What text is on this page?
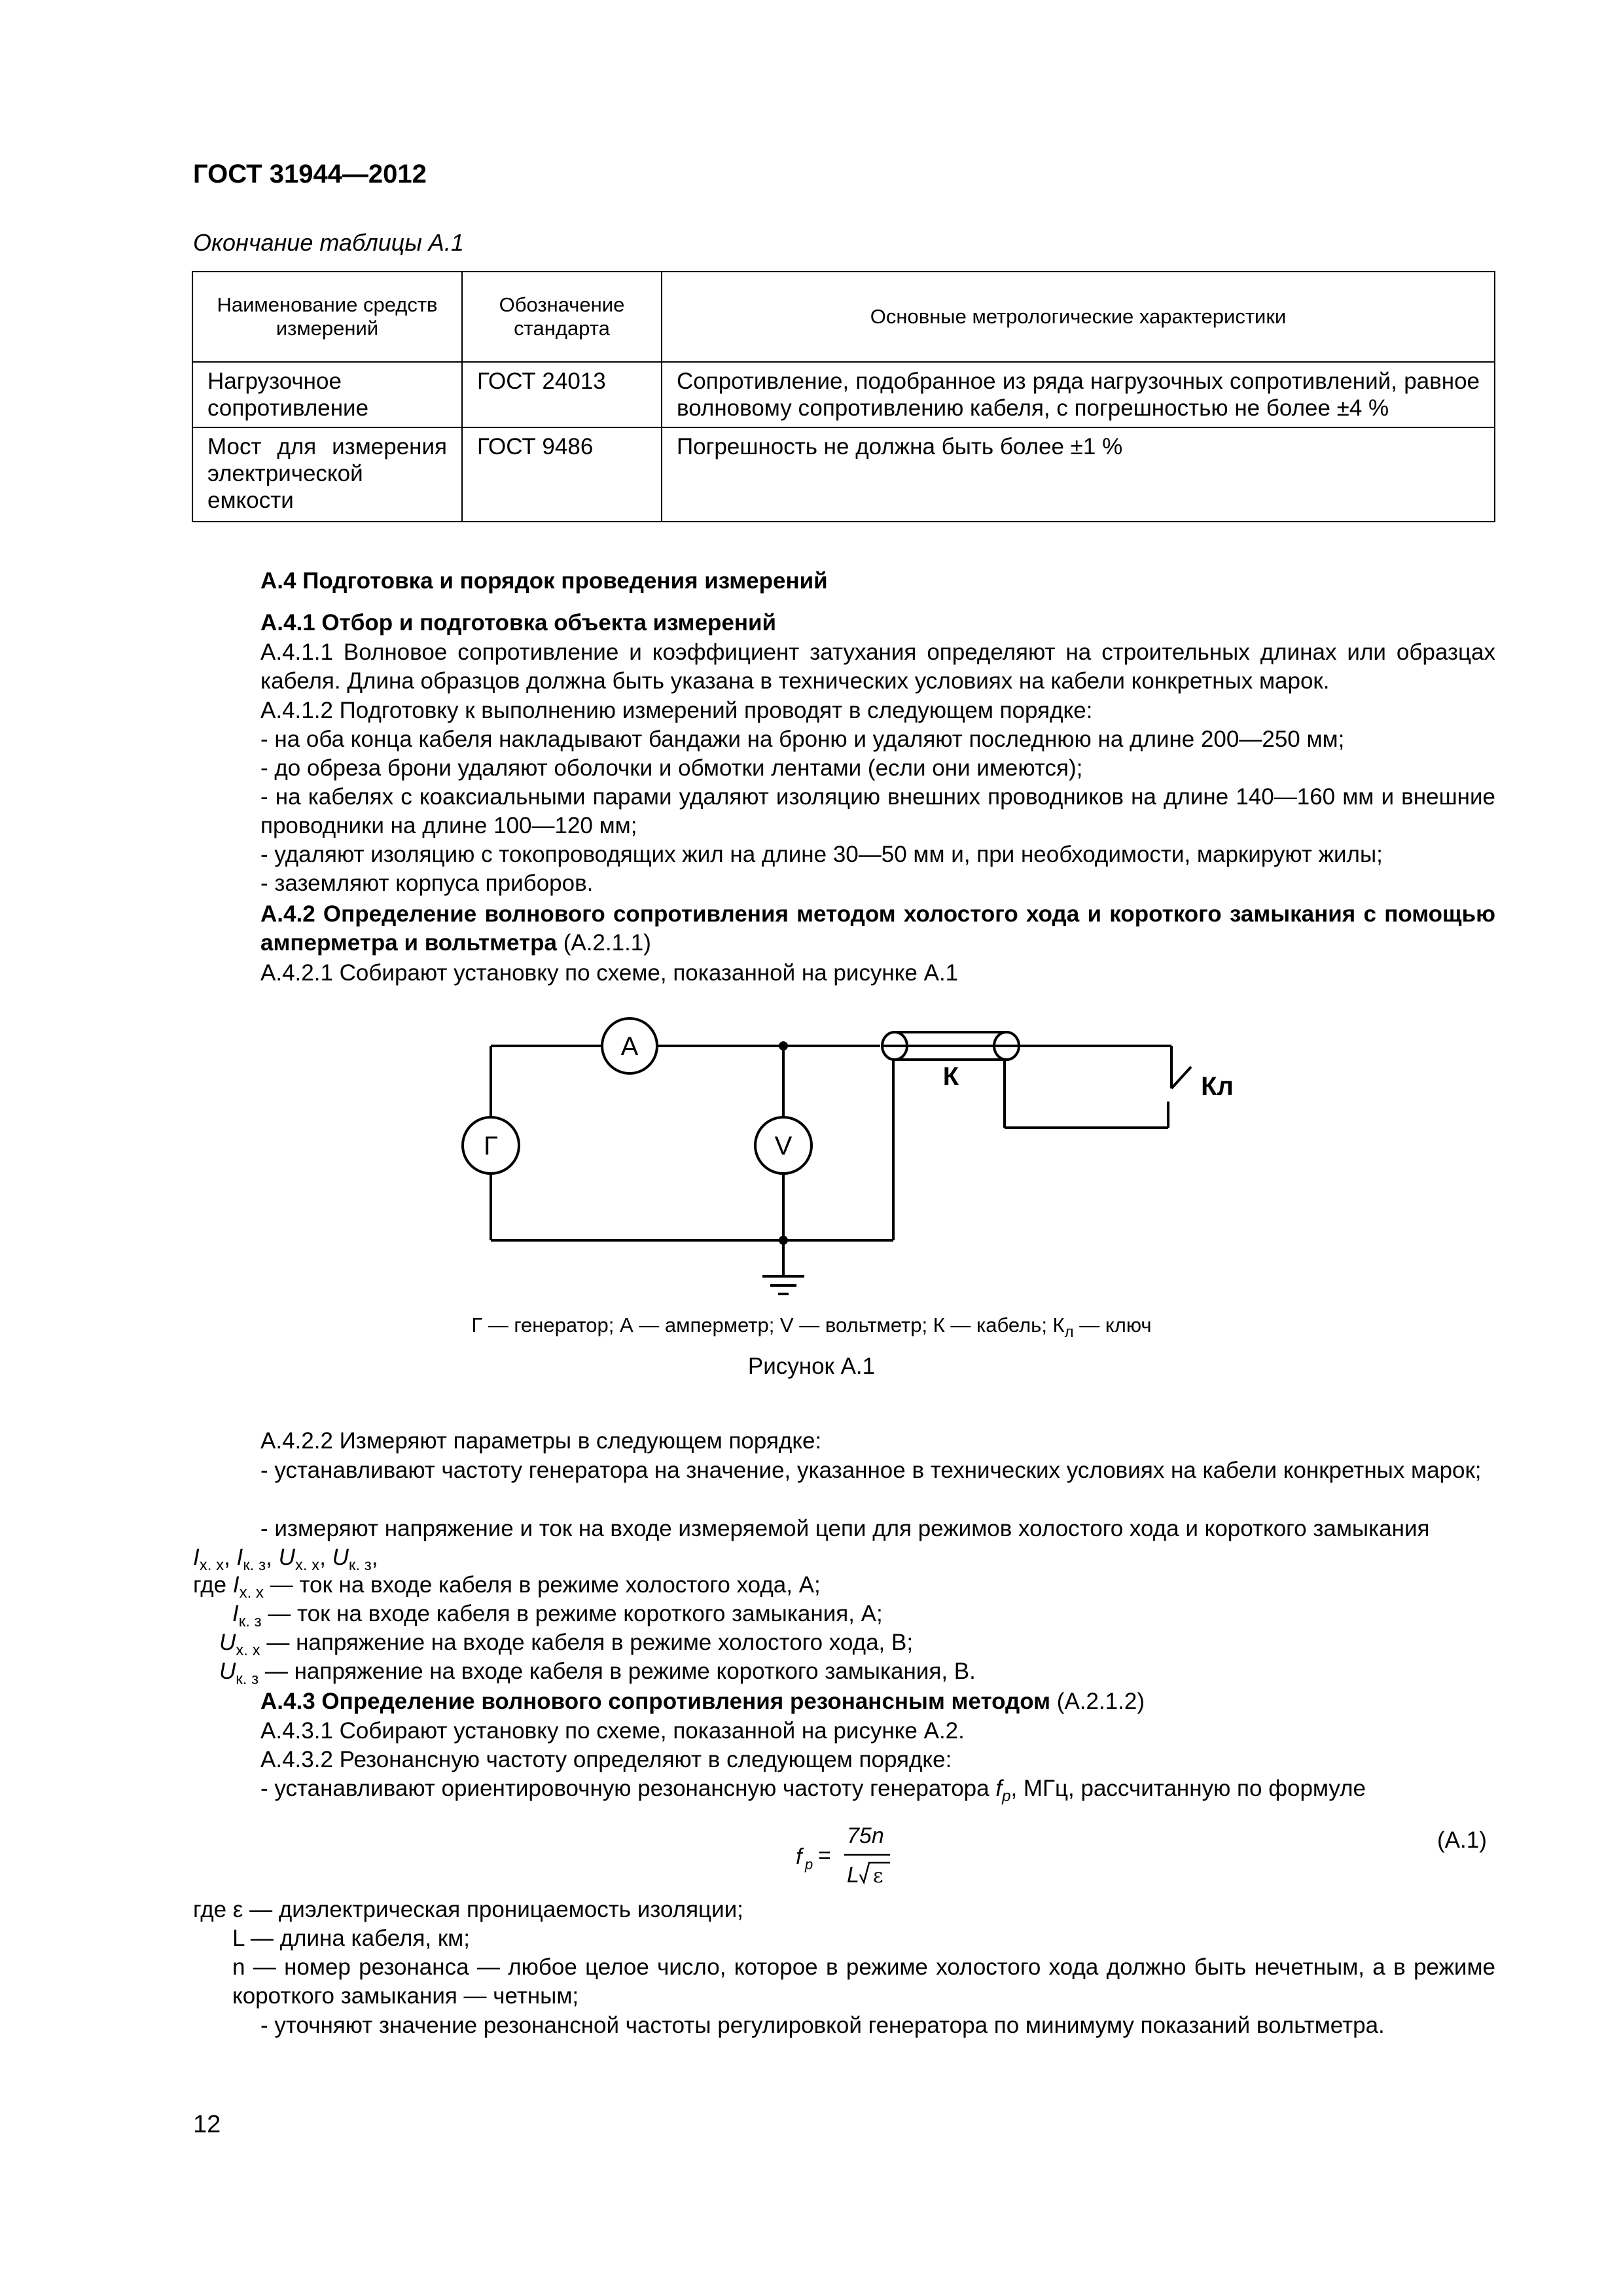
ГОСТ 31944—2012
Окончание таблицы А.1
Наименование средств измерений	Обозначение стандарта	Основные метрологические характеристики
Нагрузочное сопротивление	ГОСТ 24013	Сопротивление, подобранное из ряда нагрузочных сопротивлений, равное волновому сопротивлению кабеля, с погрешностью не более ±4 %
Мост для измерения электрической емкости	ГОСТ 9486	Погрешность не должна быть более ±1 %
А.4 Подготовка и порядок проведения измерений
А.4.1 Отбор и подготовка объекта измерений
А.4.1.1 Волновое сопротивление и коэффициент затухания определяют на строительных длинах или образцах кабеля. Длина образцов должна быть указана в технических условиях на кабели конкретных марок.
А.4.1.2 Подготовку к выполнению измерений проводят в следующем порядке:
- на оба конца кабеля накладывают бандажи на броню и удаляют последнюю на длине 200—250 мм;
- до обреза брони удаляют оболочки и обмотки лентами (если они имеются);
- на кабелях с коаксиальными парами удаляют изоляцию внешних проводников на длине 140—160 мм и внешние проводники на длине 100—120 мм;
- удаляют изоляцию с токопроводящих жил на длине 30—50 мм и, при необходимости, маркируют жилы;
- заземляют корпуса приборов.
А.4.2 Определение волнового сопротивления методом холостого хода и короткого замыкания с помощью амперметра и вольтметра (А.2.1.1)
А.4.2.1 Собирают установку по схеме, показанной на рисунке А.1
А
Г	V
К	Кл
Г — генератор; А — амперметр; V — вольтметр; К — кабель; $К_л$ — ключ
Рисунок А.1
А.4.2.2 Измеряют параметры в следующем порядке:
- устанавливают частоту генератора на значение, указанное в технических условиях на кабели конкретных марок;
- измеряют напряжение и ток на входе измеряемой цепи для режимов холостого хода и короткого замыкания
$I_{х. х}$, $I_{к. з}$, $U_{х. х}$, $U_{к. з}$,
где $I_{х. х}$ — ток на входе кабеля в режиме холостого хода, А;
$I_{к. з}$ — ток на входе кабеля в режиме короткого замыкания, А;
$U_{х. х}$ — напряжение на входе кабеля в режиме холостого хода, В;
$U_{к. з}$ — напряжение на входе кабеля в режиме короткого замыкания, В.
А.4.3 Определение волнового сопротивления резонансным методом (А.2.1.2)
А.4.3.1 Собирают установку по схеме, показанной на рисунке А.2.
А.4.3.2 Резонансную частоту определяют в следующем порядке:
- устанавливают ориентировочную резонансную частоту генератора $f_р$, МГц, рассчитанную по формуле
f р =
75n
L ε
(А.1)
где ε — диэлектрическая проницаемость изоляции;
L — длина кабеля, км;
n — номер резонанса — любое целое число, которое в режиме холостого хода должно быть нечетным, а в режиме короткого замыкания — четным;
- уточняют значение резонансной частоты регулировкой генератора по минимуму показаний вольтметра.
12
